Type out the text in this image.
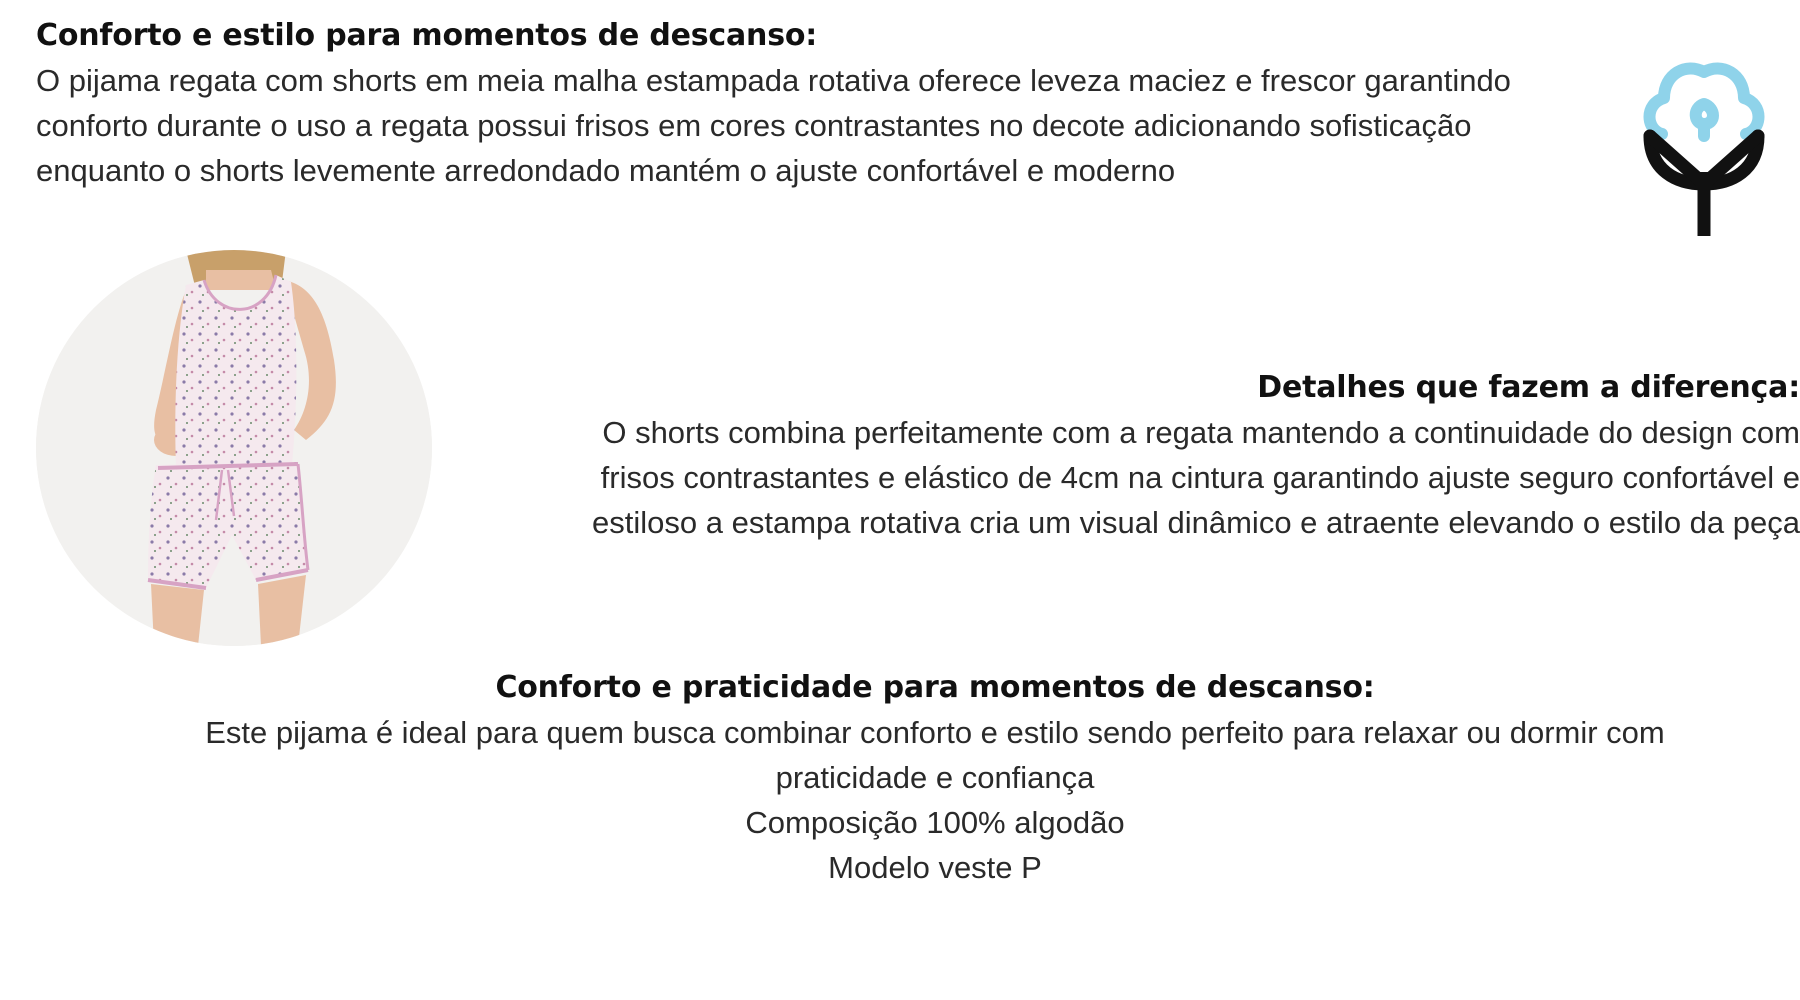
Conforto e estilo para momentos de descanso:

O pijama regata com shorts em meia malha estampada rotativa oferece leveza maciez e frescor garantindo
conforto durante o uso a regata possui frisos em cores contrastantes no decote adicionando sofisticação
enquanto o shorts levemente arredondado mantém o ajuste confortável e moderno

Detalhes que fazem a diferença:

O shorts combina perfeitamente com a regata mantendo a continuidade do design com
frisos contrastantes e elástico de 4cm na cintura garantindo ajuste seguro confortável e
estiloso a estampa rotativa cria um visual dinâmico e atraente elevando o estilo da peça

Conforto e praticidade para momentos de descanso:

Este pijama é ideal para quem busca combinar conforto e estilo sendo perfeito para relaxar ou dormir com
praticidade e confiança
Composição 100% algodão
Modelo veste P
